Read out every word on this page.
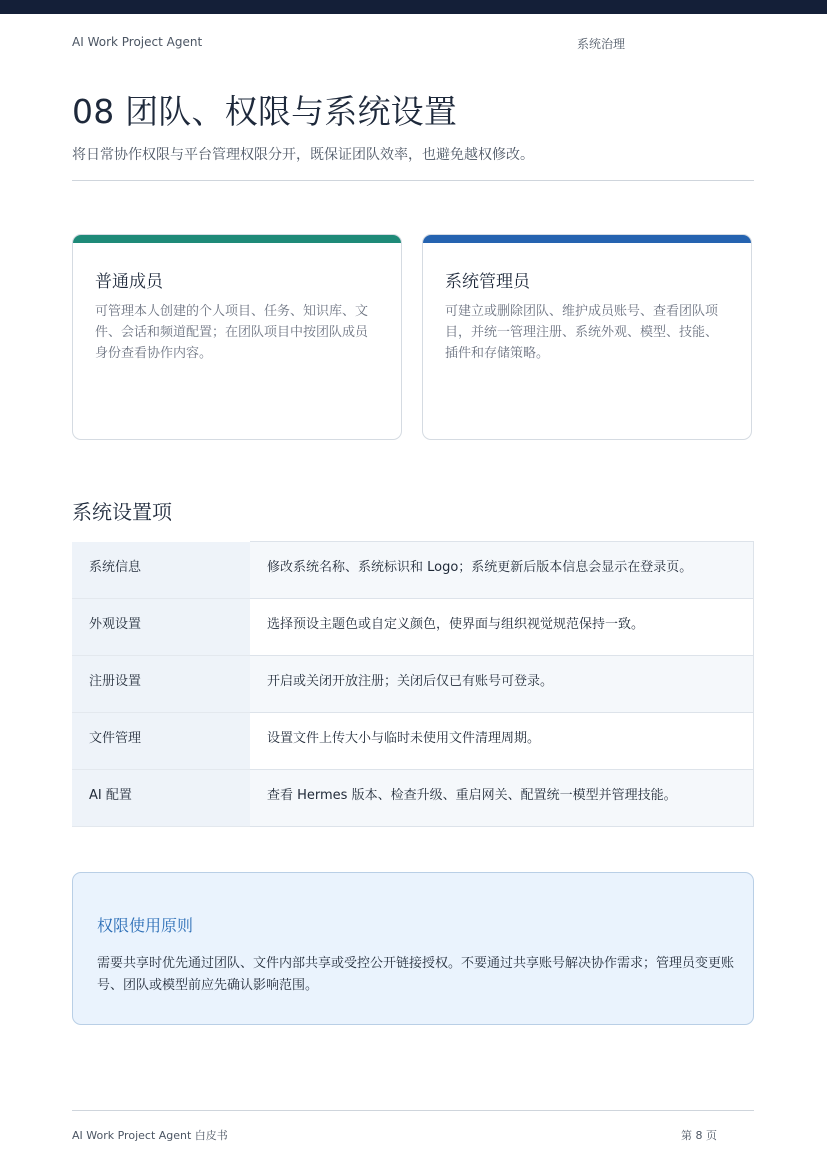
AI Work Project Agent	系统治理
08 团队、权限与系统设置
将日常协作权限与平台管理权限分开，既保证团队效率，也避免越权修改。
普通成员
可管理本人创建的个人项目、任务、知识库、文件、会话和频道配置；在团队项目中按团队成员身份查看协作内容。
系统管理员
可建立或删除团队、维护成员账号、查看团队项目，并统一管理注册、系统外观、模型、技能、插件和存储策略。
系统设置项
系统信息	修改系统名称、系统标识和 Logo；系统更新后版本信息会显示在登录页。
外观设置	选择预设主题色或自定义颜色，使界面与组织视觉规范保持一致。
注册设置	开启或关闭开放注册；关闭后仅已有账号可登录。
文件管理	设置文件上传大小与临时未使用文件清理周期。
AI 配置	查看 Hermes 版本、检查升级、重启网关、配置统一模型并管理技能。
权限使用原则
需要共享时优先通过团队、文件内部共享或受控公开链接授权。不要通过共享账号解决协作需求；管理员变更账号、团队或模型前应先确认影响范围。
AI Work Project Agent 白皮书	第 8 页
